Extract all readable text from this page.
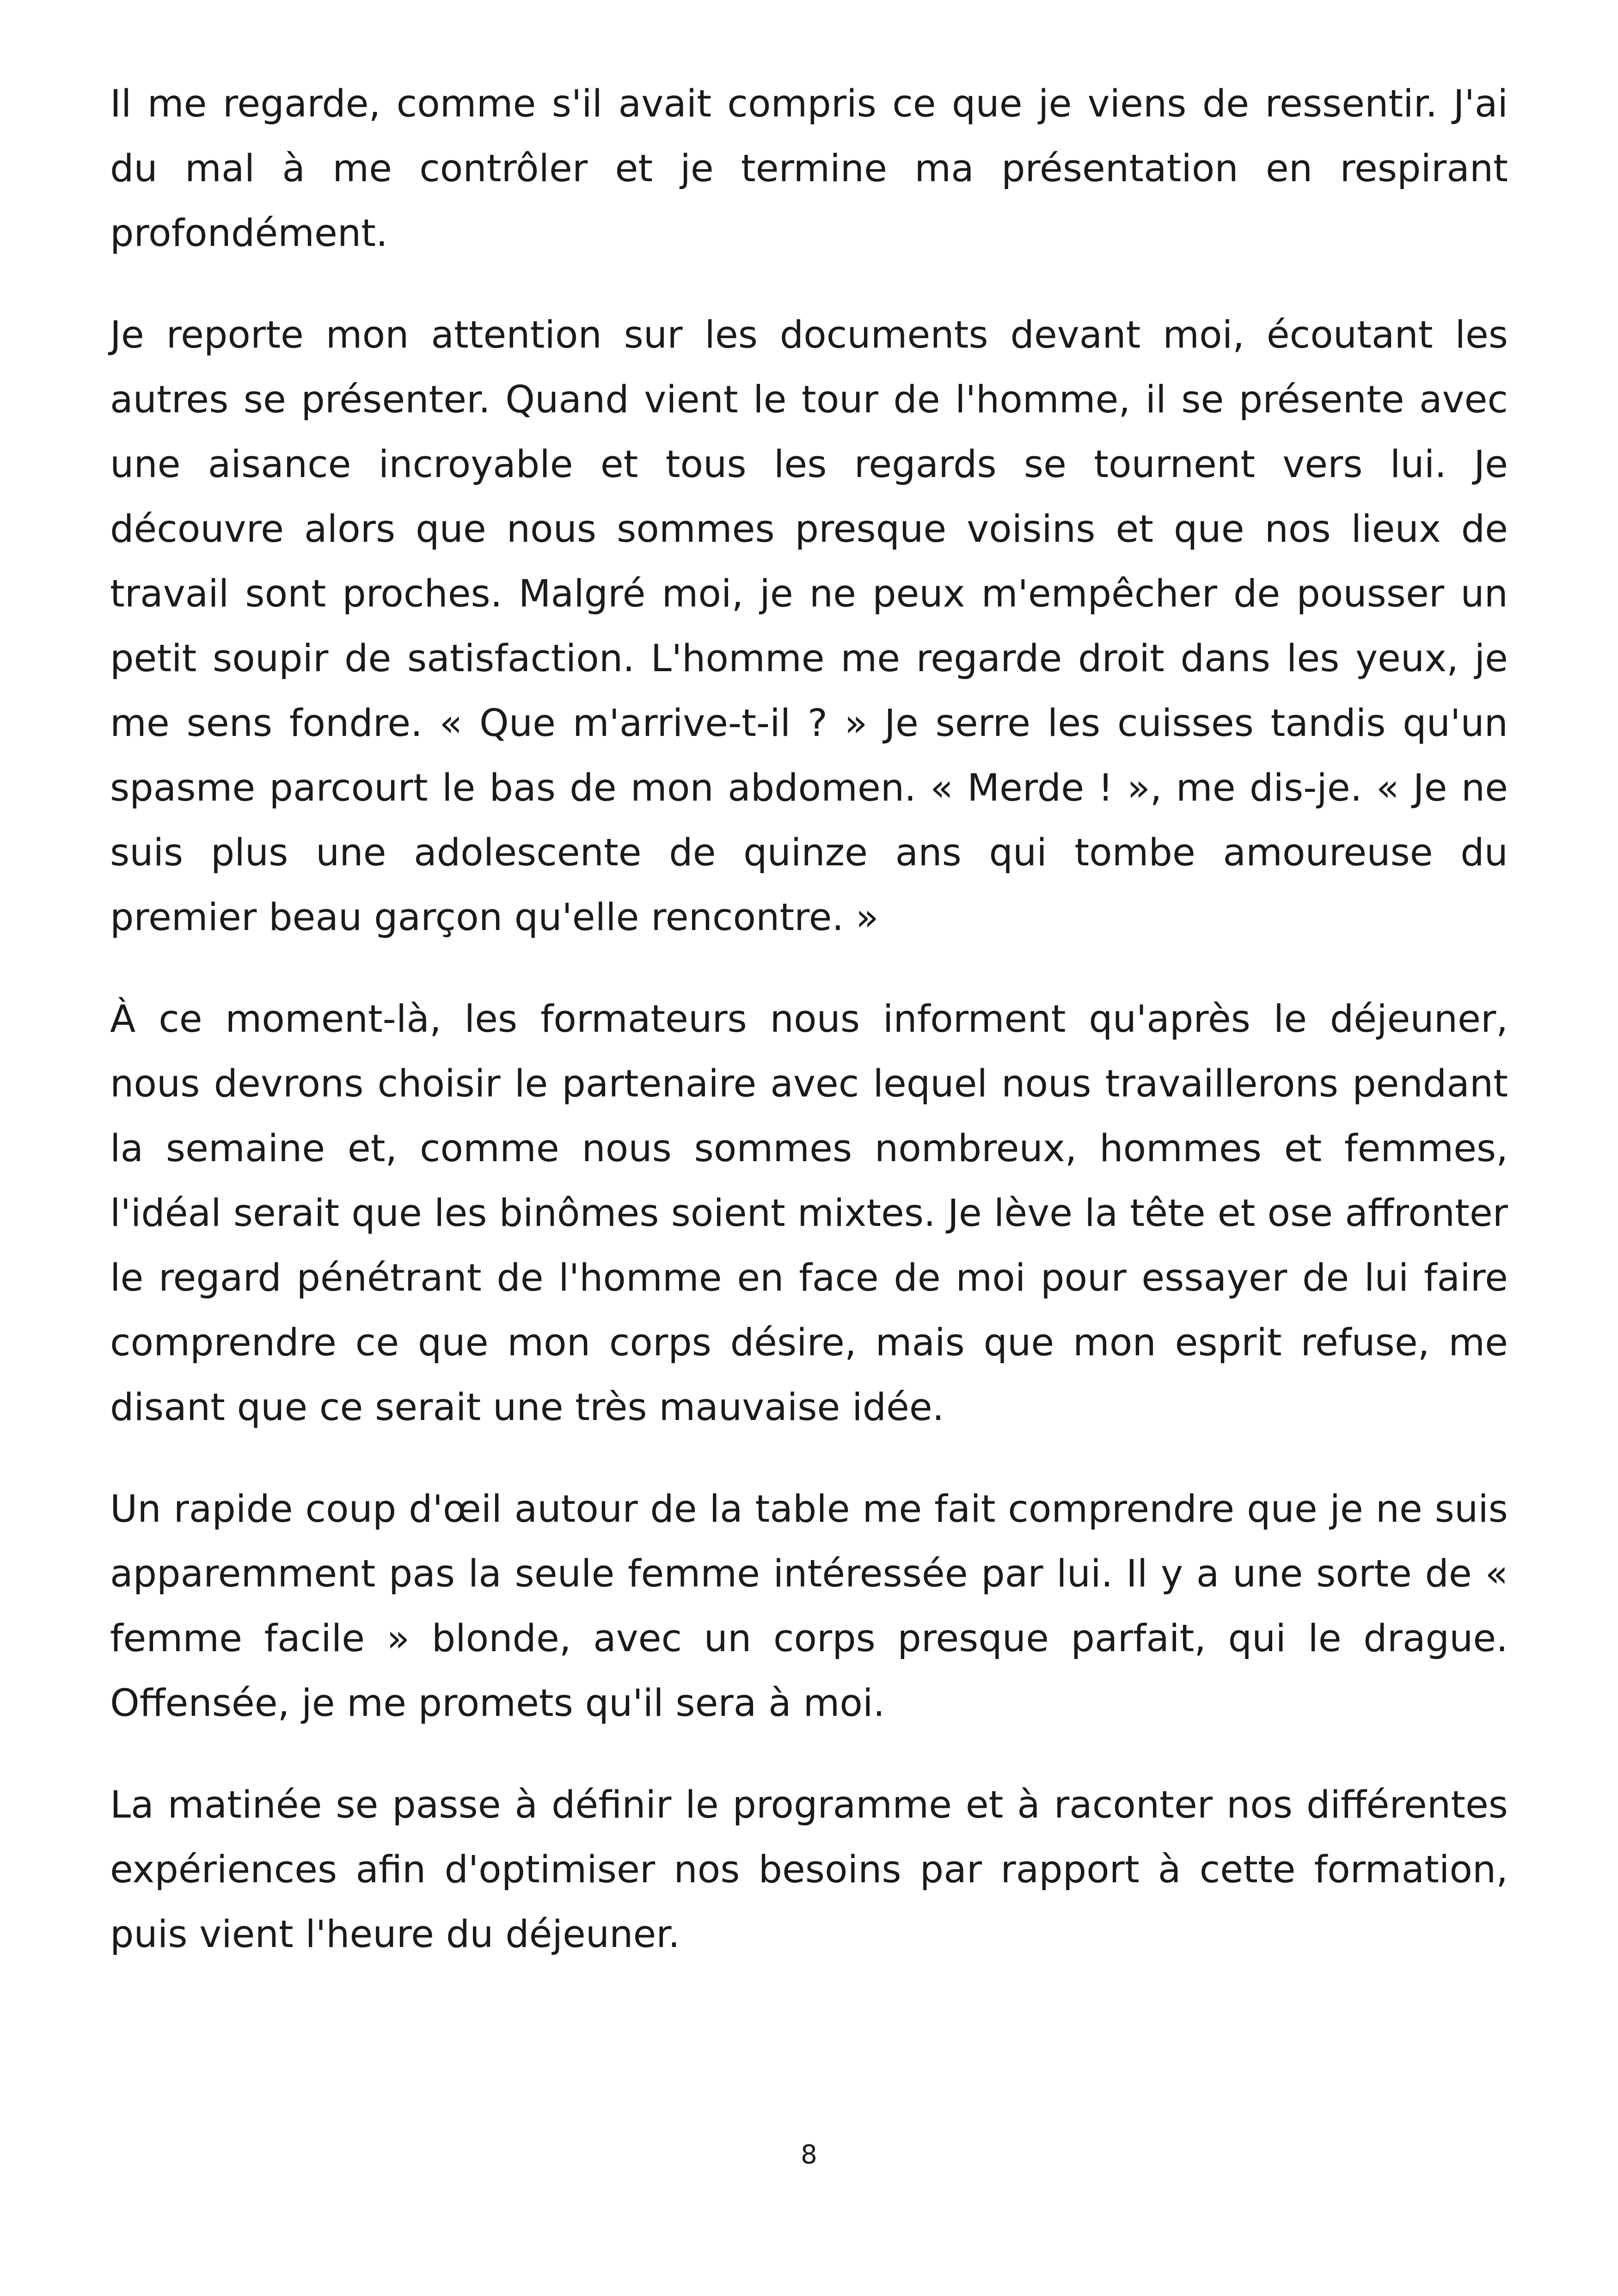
Il me regarde, comme s'il avait compris ce que je viens de ressentir. J'ai du mal à me contrôler et je termine ma présentation en respirant profondément.

Je reporte mon attention sur les documents devant moi, écoutant les autres se présenter. Quand vient le tour de l'homme, il se présente avec une aisance incroyable et tous les regards se tournent vers lui. Je découvre alors que nous sommes presque voisins et que nos lieux de travail sont proches. Malgré moi, je ne peux m'empêcher de pousser un petit soupir de satisfaction. L'homme me regarde droit dans les yeux, je me sens fondre. « Que m'arrive-t-il ? » Je serre les cuisses tandis qu'un spasme parcourt le bas de mon abdomen. « Merde ! », me dis-je. « Je ne suis plus une adolescente de quinze ans qui tombe amoureuse du premier beau garçon qu'elle rencontre. »

À ce moment-là, les formateurs nous informent qu'après le déjeuner, nous devrons choisir le partenaire avec lequel nous travaillerons pendant la semaine et, comme nous sommes nombreux, hommes et femmes, l'idéal serait que les binômes soient mixtes. Je lève la tête et ose affronter le regard pénétrant de l'homme en face de moi pour essayer de lui faire comprendre ce que mon corps désire, mais que mon esprit refuse, me disant que ce serait une très mauvaise idée.

Un rapide coup d'œil autour de la table me fait comprendre que je ne suis apparemment pas la seule femme intéressée par lui. Il y a une sorte de « femme facile » blonde, avec un corps presque parfait, qui le drague. Offensée, je me promets qu'il sera à moi.

La matinée se passe à définir le programme et à raconter nos différentes expériences afin d'optimiser nos besoins par rapport à cette formation, puis vient l'heure du déjeuner.

8
